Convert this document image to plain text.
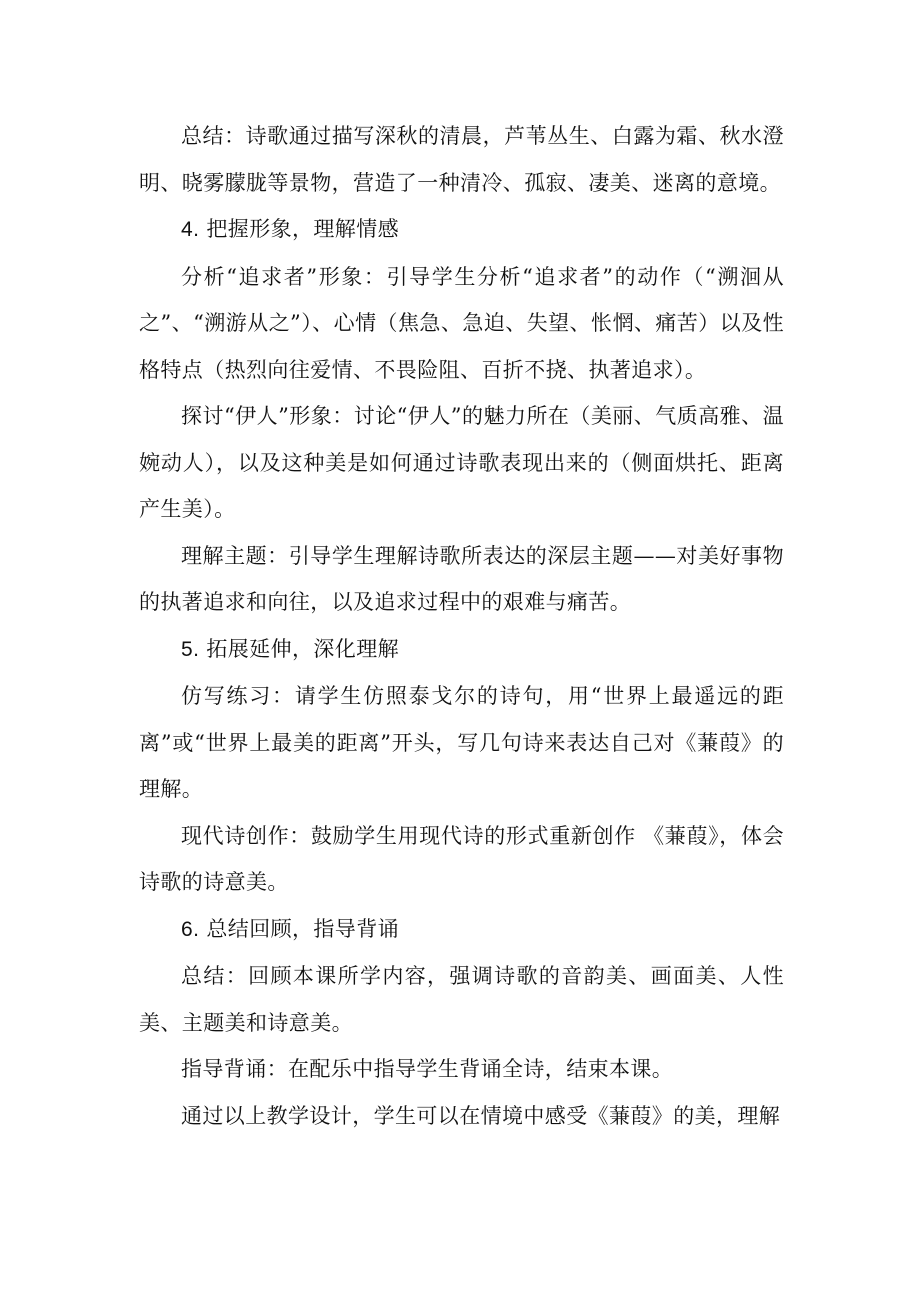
总结：诗歌通过描写深秋的清晨，芦苇丛生、白露为霜、秋水澄明、晓雾朦胧等景物，营造了一种清冷、孤寂、凄美、迷离的意境。

4. 把握形象，理解情感

分析“追求者”形象：引导学生分析“追求者”的动作（“溯洄从之”、“溯游从之”）、心情（焦急、急迫、失望、怅惘、痛苦）以及性格特点（热烈向往爱情、不畏险阻、百折不挠、执著追求）。

探讨“伊人”形象：讨论“伊人”的魅力所在（美丽、气质高雅、温婉动人），以及这种美是如何通过诗歌表现出来的（侧面烘托、距离产生美）。

理解主题：引导学生理解诗歌所表达的深层主题——对美好事物的执著追求和向往，以及追求过程中的艰难与痛苦。

5. 拓展延伸，深化理解

仿写练习：请学生仿照泰戈尔的诗句，用“世界上最遥远的距离”或“世界上最美的距离”开头，写几句诗来表达自己对《蒹葭》的理解。

现代诗创作：鼓励学生用现代诗的形式重新创作 《蒹葭》，体会诗歌的诗意美。

6. 总结回顾，指导背诵

总结：回顾本课所学内容，强调诗歌的音韵美、画面美、人性美、主题美和诗意美。

指导背诵：在配乐中指导学生背诵全诗，结束本课。

通过以上教学设计，学生可以在情境中感受《蒹葭》的美，理解
